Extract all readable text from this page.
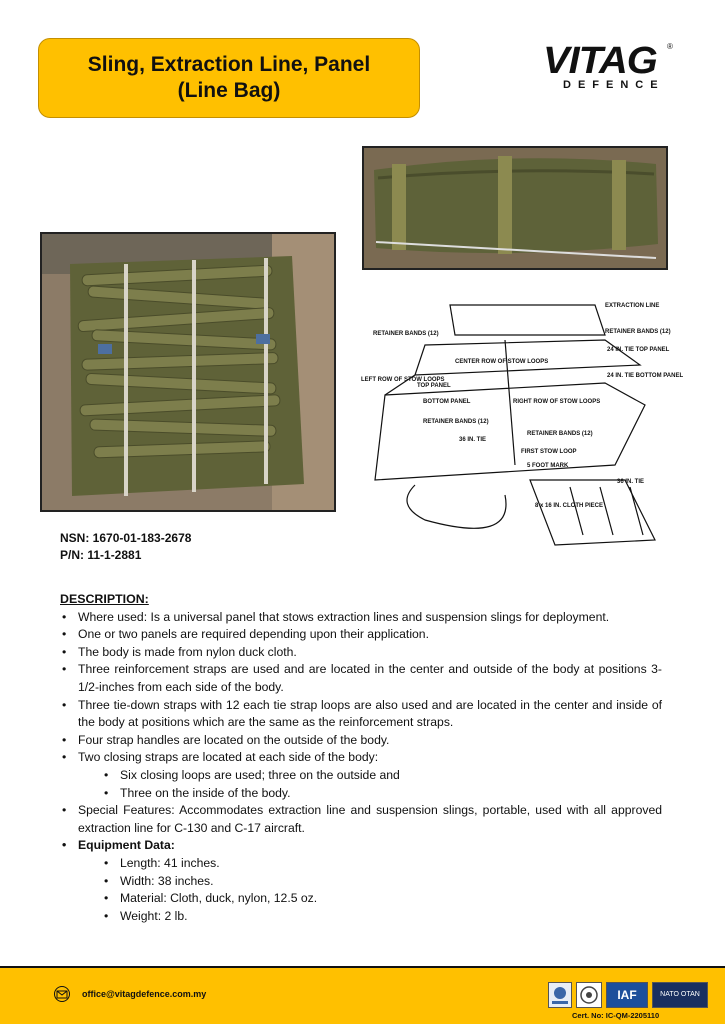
Sling, Extraction Line, Panel
(Line Bag)
VITAG ®
DEFENCE
EXTRACTION LINE
RETAINER BANDS (12)	RETAINER BANDS (12)
CENTER ROW OF STOW LOOPS
24 IN. TIE TOP PANEL
24 IN. TIE BOTTOM PANEL
LEFT ROW OF STOW LOOPS
TOP PANEL
BOTTOM PANEL	RIGHT ROW OF STOW LOOPS
RETAINER BANDS (12)
36 IN. TIE
RETAINER BANDS (12)
FIRST STOW LOOP
5 FOOT MARK
36 IN. TIE
8 x 16 IN. CLOTH PIECE
NSN: 1670-01-183-2678
P/N: 11-1-2881
DESCRIPTION:
• Where used: Is a universal panel that stows extraction lines and suspension slings for deployment.
• One or two panels are required depending upon their application.
• The body is made from nylon duck cloth.
• Three reinforcement straps are used and are located in the center and outside of the body at positions 3-1/2-inches from each side of the body.
• Three tie-down straps with 12 each tie strap loops are also used and are located in the center and inside of the body at positions which are the same as the reinforcement straps.
• Four strap handles are located on the outside of the body.
• Two closing straps are located at each side of the body:
• Six closing loops are used; three on the outside and
• Three on the inside of the body.
• Special Features: Accommodates extraction line and suspension slings, portable, used with all approved extraction line for C-130 and C-17 aircraft.
• Equipment Data:
• Length: 41 inches.
• Width: 38 inches.
• Material: Cloth, duck, nylon, 12.5 oz.
• Weight: 2 lb.
office@vitagdefence.com.my	IAF	NATO OTAN
Cert. No: IC-QM-2205110
